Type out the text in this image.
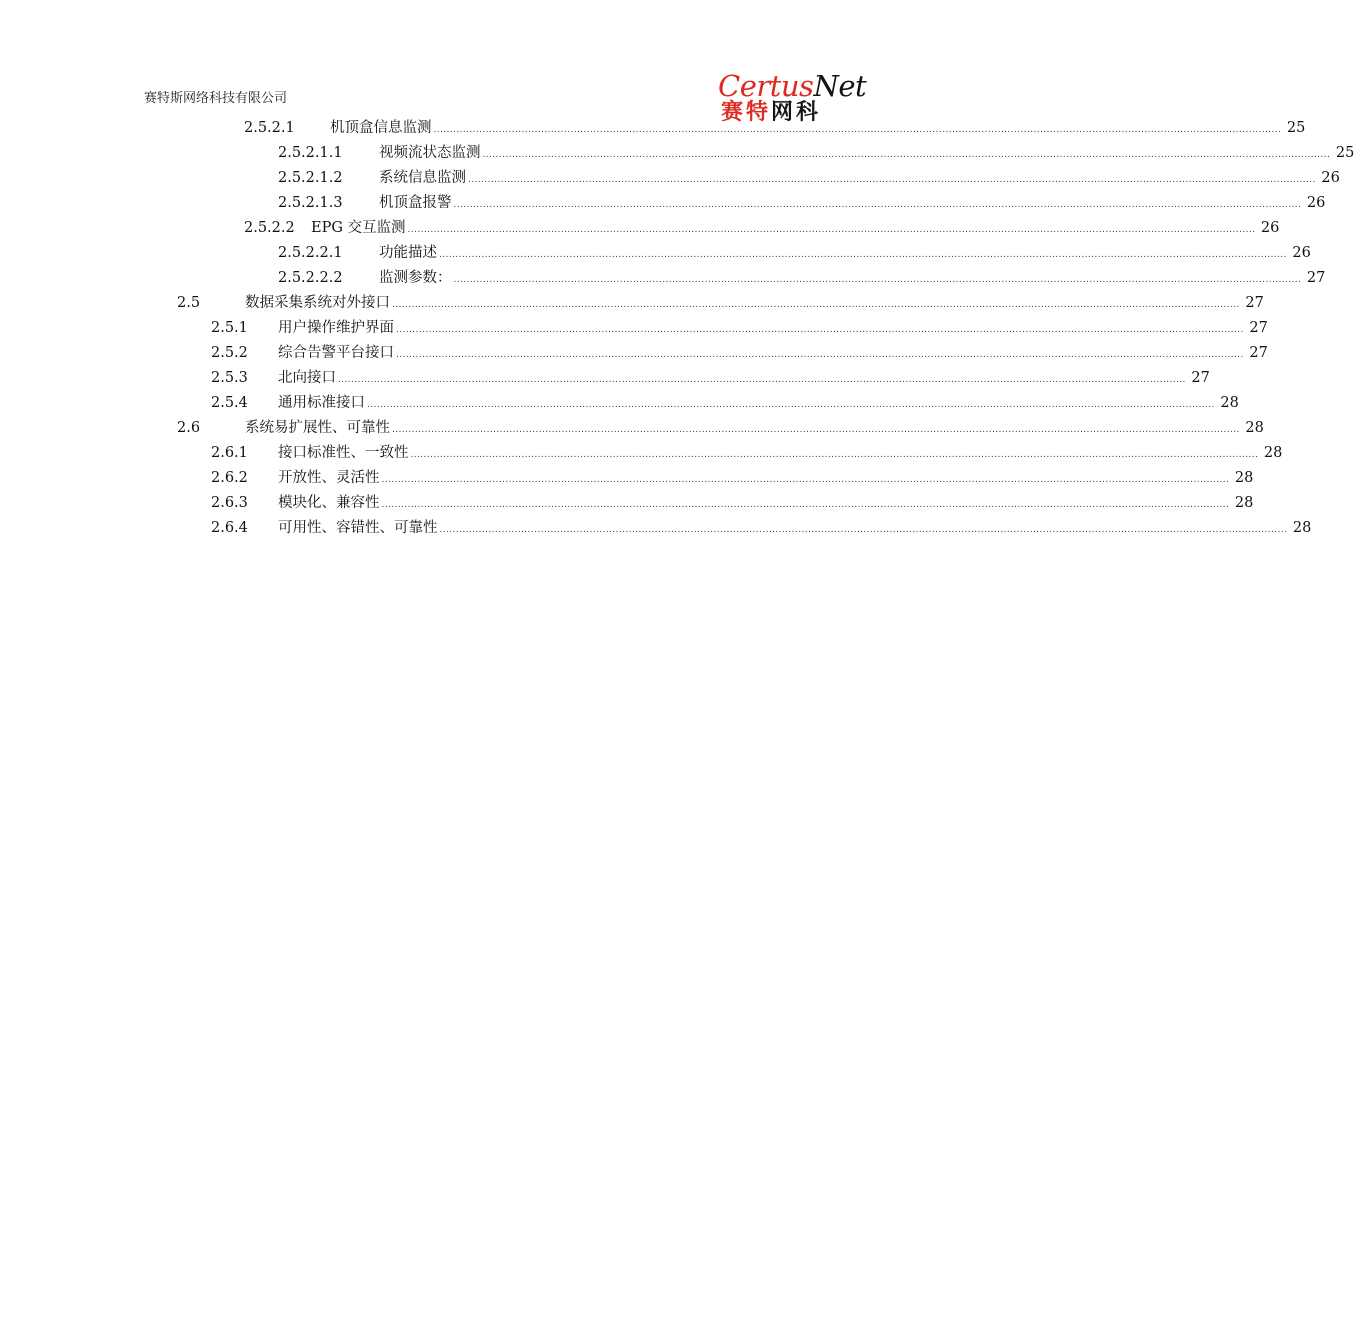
赛特斯网络科技有限公司	CertusNet
赛特网科
2.5.2.1	机顶盒信息监测 .................................................................................................................................................................................................................................................................... 25
2.5.2.1.1	视频流状态监测 .................................................................................................................................................................................................................................................................... 25
2.5.2.1.2	系统信息监测 .................................................................................................................................................................................................................................................................... 26
2.5.2.1.3	机顶盒报警 .................................................................................................................................................................................................................................................................... 26
2.5.2.2	EPG 交互监测 .................................................................................................................................................................................................................................................................... 26
2.5.2.2.1	功能描述 .................................................................................................................................................................................................................................................................... 26
2.5.2.2.2	监测参数： .................................................................................................................................................................................................................................................................... 27
2.5	数据采集系统对外接口 .................................................................................................................................................................................................................................................................... 27
2.5.1	用户操作维护界面 .................................................................................................................................................................................................................................................................... 27
2.5.2	综合告警平台接口 .................................................................................................................................................................................................................................................................... 27
2.5.3	北向接口 .................................................................................................................................................................................................................................................................... 27
2.5.4	通用标准接口 .................................................................................................................................................................................................................................................................... 28
2.6	系统易扩展性、可靠性 .................................................................................................................................................................................................................................................................... 28
2.6.1	接口标准性、一致性 .................................................................................................................................................................................................................................................................... 28
2.6.2	开放性、灵活性 .................................................................................................................................................................................................................................................................... 28
2.6.3	模块化、兼容性 .................................................................................................................................................................................................................................................................... 28
2.6.4	可用性、容错性、可靠性 .................................................................................................................................................................................................................................................................... 28
